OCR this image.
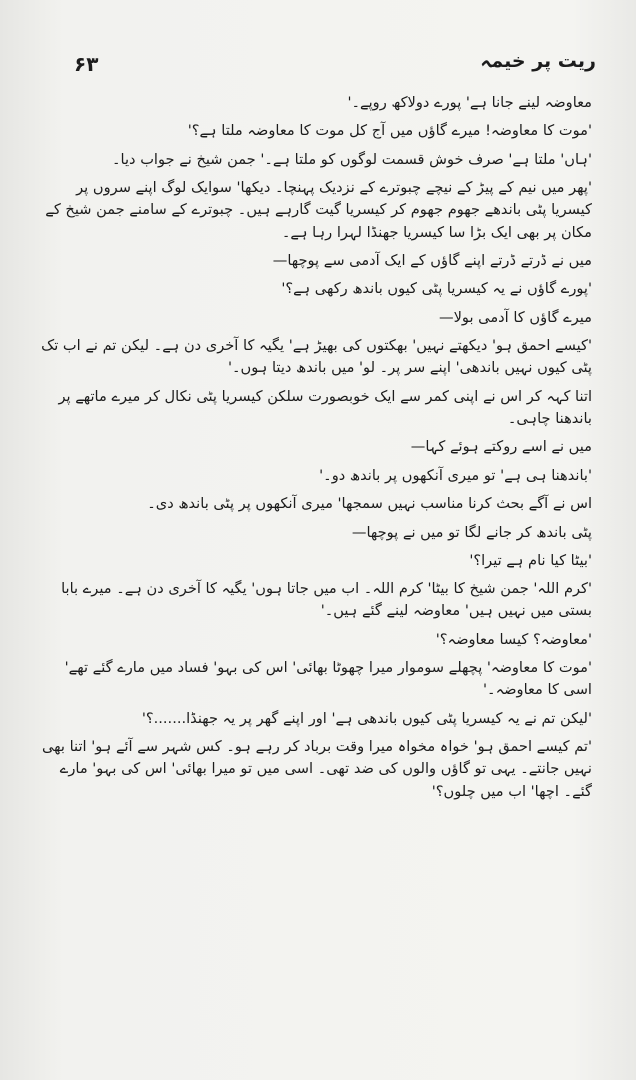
۶۳	ریت پر خیمہ

معاوضہ لینے جانا ہے' پورے دولاکھ روپے۔'

'موت کا معاوضہ! میرے گاؤں میں آج کل موت کا معاوضہ ملتا ہے؟'

'ہاں' ملتا ہے' صرف خوش قسمت لوگوں کو ملتا ہے۔' جمن شیخ نے جواب دیا۔

'پھر میں نیم کے پیڑ کے نیچے چبوترے کے نزدیک پہنچا۔ دیکھا' سوایک لوگ اپنے سروں پر کیسریا پٹی باندھے جھوم جھوم کر کیسریا گیت گارہے ہیں۔ چبوترے کے سامنے جمن شیخ کے مکان پر بھی ایک بڑا سا کیسریا جھنڈا لہرا رہا ہے۔

میں نے ڈرتے ڈرتے اپنے گاؤں کے ایک آدمی سے پوچھا—

'پورے گاؤں نے یہ کیسریا پٹی کیوں باندھ رکھی ہے؟'

میرے گاؤں کا آدمی بولا—

'کیسے احمق ہو' دیکھتے نہیں' بھکتوں کی بھیڑ ہے' یگیہ کا آخری دن ہے۔ لیکن تم نے اب تک پٹی کیوں نہیں باندھی' اپنے سر پر۔ لو' میں باندھ دیتا ہوں۔'

اتنا کہہ کر اس نے اپنی کمر سے ایک خوبصورت سلکن کیسریا پٹی نکال کر میرے ماتھے پر باندھنا چاہی۔

میں نے اسے روکتے ہوئے کہا—

'باندھنا ہی ہے' تو میری آنکھوں پر باندھ دو۔'

اس نے آگے بحث کرنا مناسب نہیں سمجھا' میری آنکھوں پر پٹی باندھ دی۔

پٹی باندھ کر جانے لگا تو میں نے پوچھا—

'بیٹا کیا نام ہے تیرا؟'

'کرم اللہ' جمن شیخ کا بیٹا' کرم اللہ۔ اب میں جاتا ہوں' یگیہ کا آخری دن ہے۔ میرے بابا بستی میں نہیں ہیں' معاوضہ لینے گئے ہیں۔'

'معاوضہ؟ کیسا معاوضہ؟'

'موت کا معاوضہ' پچھلے سوموار میرا چھوٹا بھائی' اس کی بہو' فساد میں مارے گئے تھے' اسی کا معاوضہ۔'

'لیکن تم نے یہ کیسریا پٹی کیوں باندھی ہے' اور اپنے گھر پر یہ جھنڈا.......؟'

'تم کیسے احمق ہو' خواہ مخواہ میرا وقت برباد کر رہے ہو۔ کس شہر سے آئے ہو' اتنا بھی نہیں جانتے۔ یہی تو گاؤں والوں کی ضد تھی۔ اسی میں تو میرا بھائی' اس کی بہو' مارے گئے۔ اچھا' اب میں چلوں؟'
